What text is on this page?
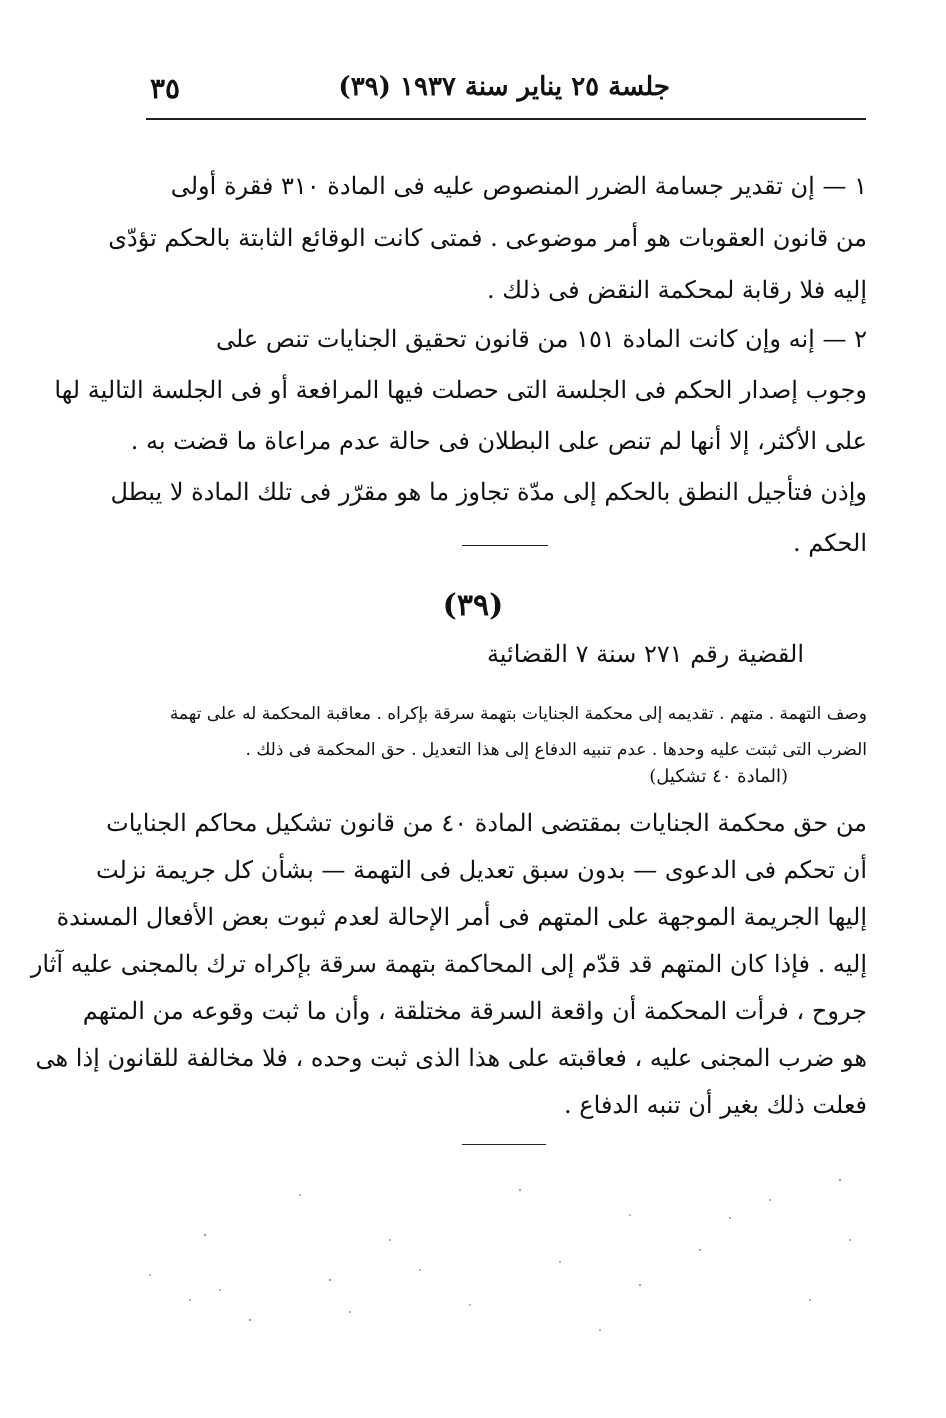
٣٥	جلسة ٢٥ يناير سنة ١٩٣٧ (٣٩)
١ — إن تقدير جسامة الضرر المنصوص عليه فى المادة ٣١٠ فقرة أولى
من قانون العقوبات هو أمر موضوعى . فمتى كانت الوقائع الثابتة بالحكم تؤدّى
إليه فلا رقابة لمحكمة النقض فى ذلك .
٢ — إنه وإن كانت المادة ١٥١ من قانون تحقيق الجنايات تنص على
وجوب إصدار الحكم فى الجلسة التى حصلت فيها المرافعة أو فى الجلسة التالية لها
على الأكثر، إلا أنها لم تنص على البطلان فى حالة عدم مراعاة ما قضت به .
وإذن فتأجيل النطق بالحكم إلى مدّة تجاوز ما هو مقرّر فى تلك المادة لا يبطل
الحكم .
(٣٩)
القضية رقم ٢٧١ سنة ٧ القضائية
وصف التهمة . متهم . تقديمه إلى محكمة الجنايات بتهمة سرقة بإكراه . معاقبة المحكمة له على تهمة
الضرب التى ثبتت عليه وحدها . عدم تنبيه الدفاع إلى هذا التعديل . حق المحكمة فى ذلك .
(المادة ٤٠ تشكيل)
من حق محكمة الجنايات بمقتضى المادة ٤٠ من قانون تشكيل محاكم الجنايات
أن تحكم فى الدعوى — بدون سبق تعديل فى التهمة — بشأن كل جريمة نزلت
إليها الجريمة الموجهة على المتهم فى أمر الإحالة لعدم ثبوت بعض الأفعال المسندة
إليه . فإذا كان المتهم قد قدّم إلى المحاكمة بتهمة سرقة بإكراه ترك بالمجنى عليه آثار
جروح ، فرأت المحكمة أن واقعة السرقة مختلقة ، وأن ما ثبت وقوعه من المتهم
هو ضرب المجنى عليه ، فعاقبته على هذا الذى ثبت وحده ، فلا مخالفة للقانون إذا هى
فعلت ذلك بغير أن تنبه الدفاع .
